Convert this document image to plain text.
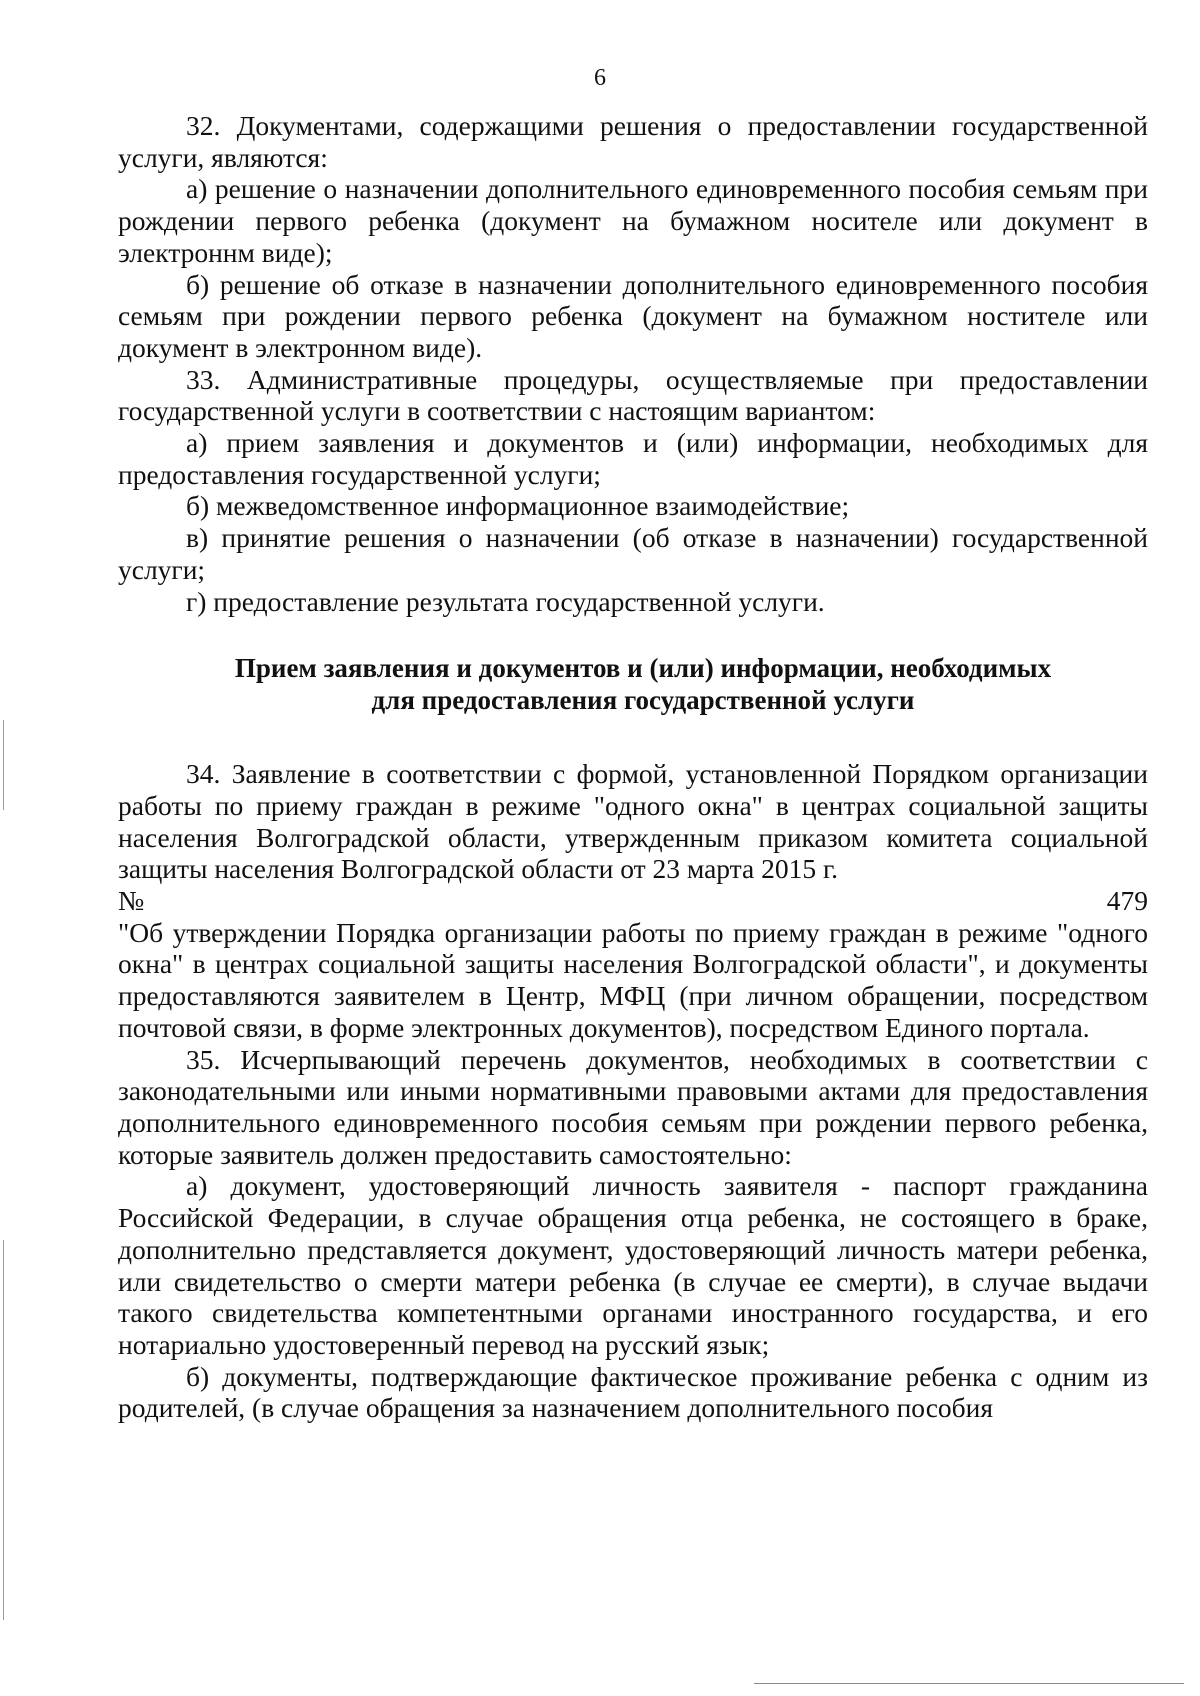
6

32. Документами, содержащими решения о предоставлении государственной услуги, являются:

а) решение о назначении дополнительного единовременного пособия семьям при рождении первого ребенка (документ на бумажном носителе или документ в электроннм виде);

б) решение об отказе в назначении дополнительного единовременного пособия семьям при рождении первого ребенка (документ на бумажном ностителе или документ в электронном виде).

33. Административные процедуры, осуществляемые при предоставлении государственной услуги в соответствии с настоящим вариантом:

а) прием заявления и документов и (или) информации, необходимых для предоставления государственной услуги;

б) межведомственное информационное взаимодействие;

в) принятие решения о назначении (об отказе в назначении) государственной услуги;

г) предоставление результата государственной услуги.

Прием заявления и документов и (или) информации, необходимых
для предоставления государственной услуги

34. Заявление в соответствии с формой, установленной Порядком организации работы по приему граждан в режиме "одного окна" в центрах социальной защиты населения Волгоградской области, утвержденным приказом комитета социальной защиты населения Волгоградской области от 23 марта 2015 г.

№	479

"Об утверждении Порядка организации работы по приему граждан в режиме "одного окна" в центрах социальной защиты населения Волгоградской области", и документы предоставляются заявителем в Центр, МФЦ (при личном обращении, посредством почтовой связи, в форме электронных документов), посредством Единого портала.

35. Исчерпывающий перечень документов, необходимых в соответствии с законодательными или иными нормативными правовыми актами для предоставления дополнительного единовременного пособия семьям при рождении первого ребенка, которые заявитель должен предоставить самостоятельно:

а) документ, удостоверяющий личность заявителя - паспорт гражданина Российской Федерации, в случае обращения отца ребенка, не состоящего в браке, дополнительно представляется документ, удостоверяющий личность матери ребенка, или свидетельство о смерти матери ребенка (в случае ее смерти), в случае выдачи такого свидетельства компетентными органами иностранного государства, и его нотариально удостоверенный перевод на русский язык;

б) документы, подтверждающие фактическое проживание ребенка с одним из родителей, (в случае обращения за назначением дополнительного пособия
